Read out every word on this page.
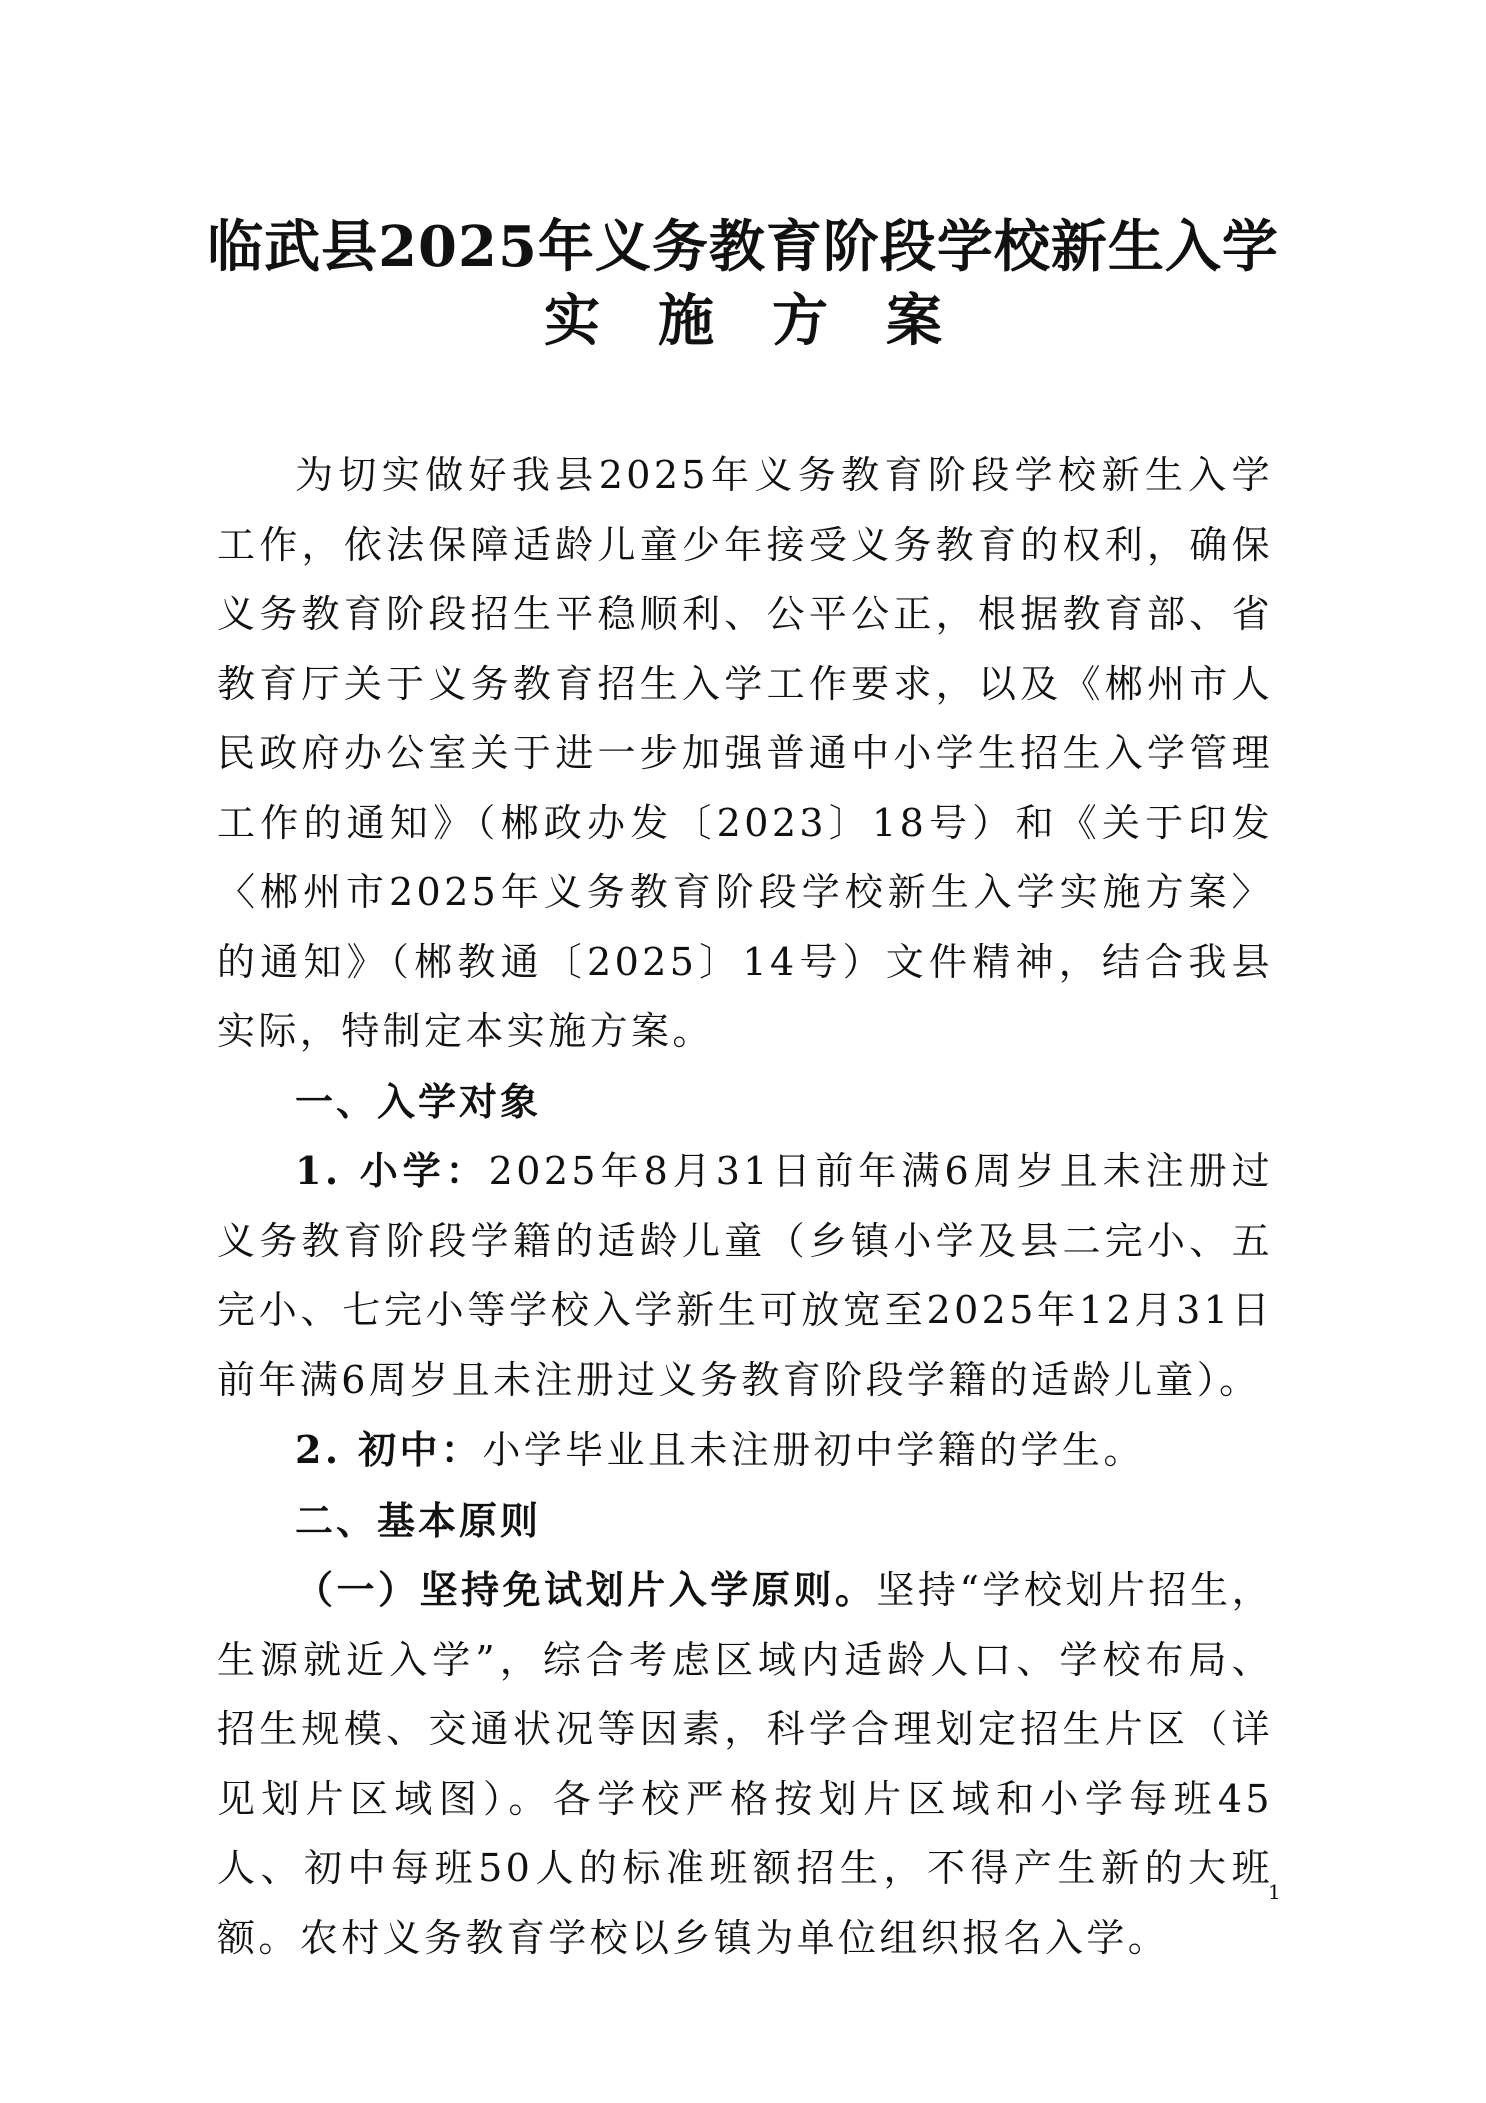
临武县2025年义务教育阶段学校新生入学
实施方案

为切实做好我县2025年义务教育阶段学校新生入学工作，依法保障适龄儿童少年接受义务教育的权利，确保义务教育阶段招生平稳顺利、公平公正，根据教育部、省教育厅关于义务教育招生入学工作要求，以及《郴州市人民政府办公室关于进一步加强普通中小学生招生入学管理工作的通知》（郴政办发〔2023〕18号）和《关于印发〈郴州市2025年义务教育阶段学校新生入学实施方案〉的通知》（郴教通〔2025〕14号）文件精神，结合我县实际，特制定本实施方案。

一、入学对象

1. 小学：2025年8月31日前年满6周岁且未注册过义务教育阶段学籍的适龄儿童（乡镇小学及县二完小、五完小、七完小等学校入学新生可放宽至2025年12月31日前年满6周岁且未注册过义务教育阶段学籍的适龄儿童）。

2. 初中：小学毕业且未注册初中学籍的学生。

二、基本原则

（一）坚持免试划片入学原则。坚持“学校划片招生，生源就近入学”，综合考虑区域内适龄人口、学校布局、招生规模、交通状况等因素，科学合理划定招生片区（详见划片区域图）。各学校严格按划片区域和小学每班45人、初中每班50人的标准班额招生，不得产生新的大班额。农村义务教育学校以乡镇为单位组织报名入学。

1
